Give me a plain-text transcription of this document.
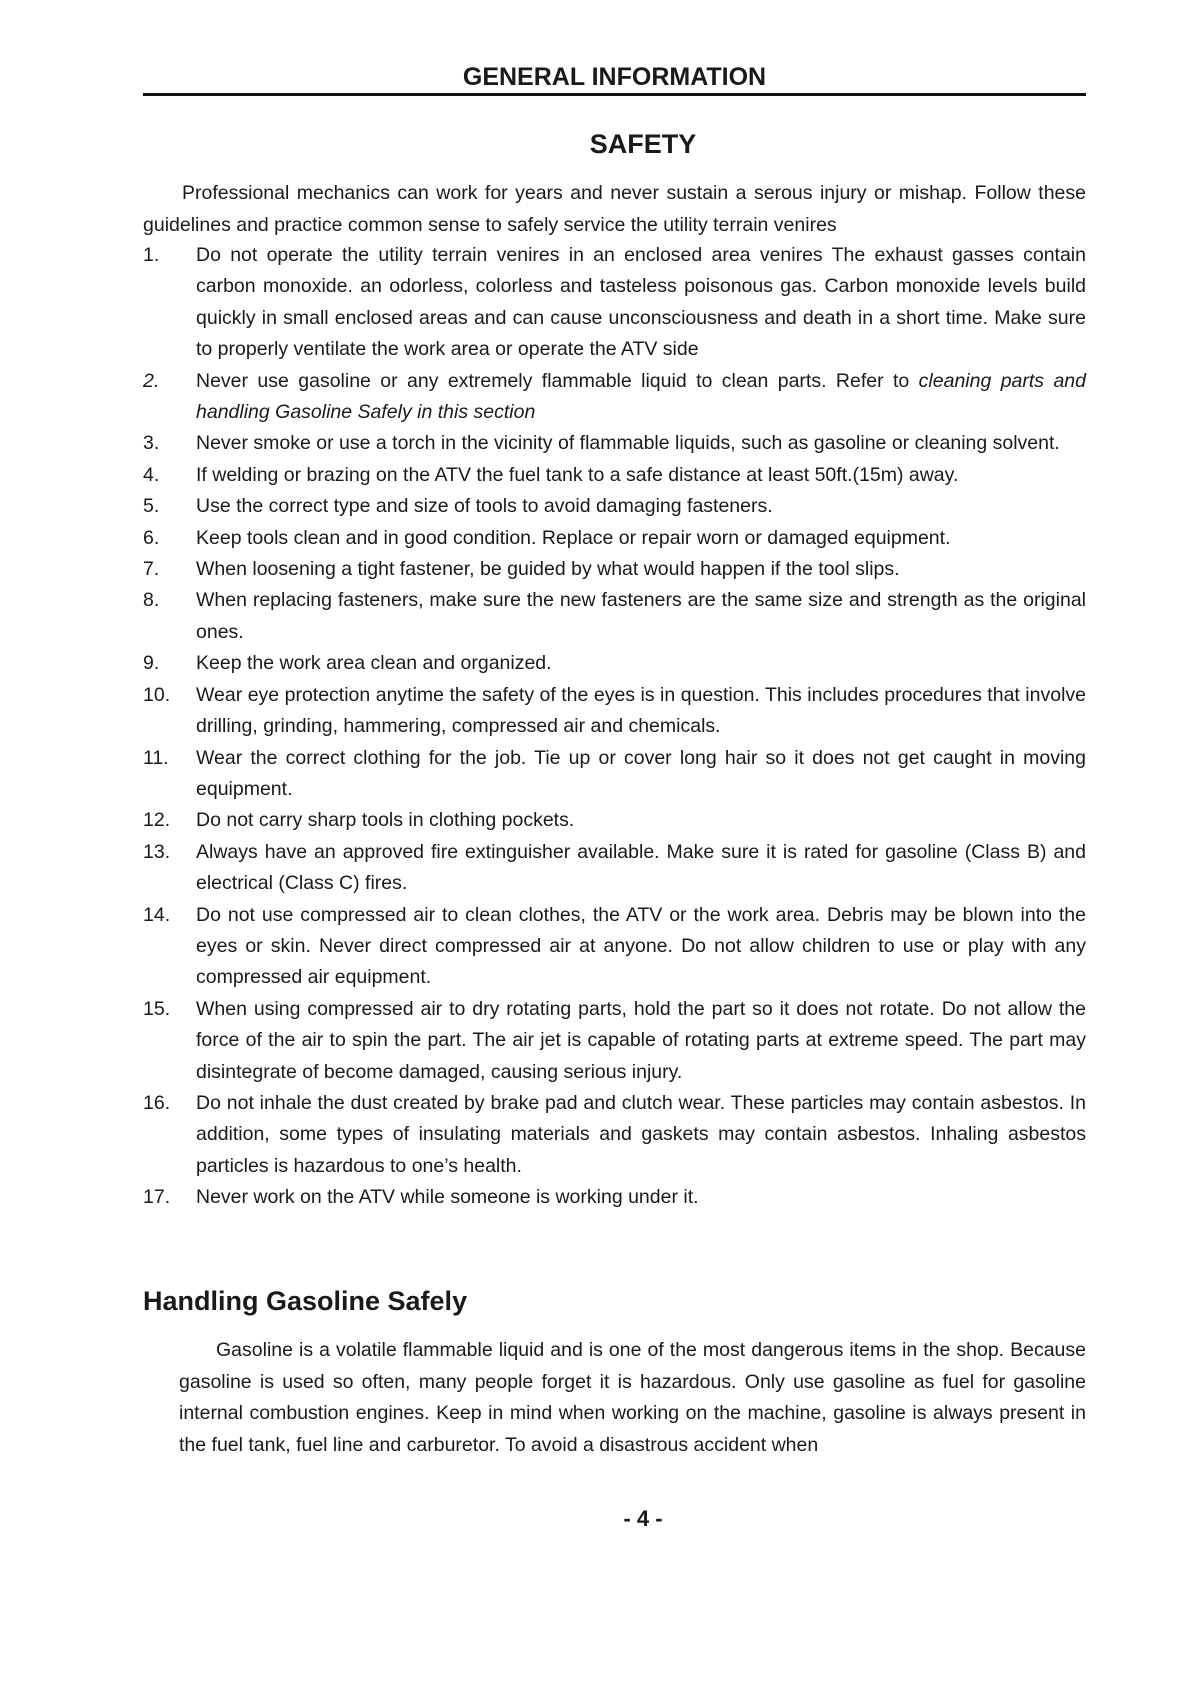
GENERAL INFORMATION
SAFETY

Professional mechanics can work for years and never sustain a serous injury or mishap. Follow these guidelines and practice common sense to safely service the utility terrain venires

1. Do not operate the utility terrain venires in an enclosed area venires The exhaust gasses contain carbon monoxide. an odorless, colorless and tasteless poisonous gas. Carbon monoxide levels build quickly in small enclosed areas and can cause unconsciousness and death in a short time. Make sure to properly ventilate the work area or operate the ATV side
2. Never use gasoline or any extremely flammable liquid to clean parts. Refer to cleaning parts and handling Gasoline Safely in this section
3. Never smoke or use a torch in the vicinity of flammable liquids, such as gasoline or cleaning solvent.
4. If welding or brazing on the ATV the fuel tank to a safe distance at least 50ft.(15m) away.
5. Use the correct type and size of tools to avoid damaging fasteners.
6. Keep tools clean and in good condition. Replace or repair worn or damaged equipment.
7. When loosening a tight fastener, be guided by what would happen if the tool slips.
8. When replacing fasteners, make sure the new fasteners are the same size and strength as the original ones.
9. Keep the work area clean and organized.
10. Wear eye protection anytime the safety of the eyes is in question. This includes procedures that involve drilling, grinding, hammering, compressed air and chemicals.
11. Wear the correct clothing for the job. Tie up or cover long hair so it does not get caught in moving equipment.
12. Do not carry sharp tools in clothing pockets.
13. Always have an approved fire extinguisher available. Make sure it is rated for gasoline (Class B) and electrical (Class C) fires.
14. Do not use compressed air to clean clothes, the ATV or the work area. Debris may be blown into the eyes or skin. Never direct compressed air at anyone. Do not allow children to use or play with any compressed air equipment.
15. When using compressed air to dry rotating parts, hold the part so it does not rotate. Do not allow the force of the air to spin the part. The air jet is capable of rotating parts at extreme speed. The part may disintegrate of become damaged, causing serious injury.
16. Do not inhale the dust created by brake pad and clutch wear. These particles may contain asbestos. In addition, some types of insulating materials and gaskets may contain asbestos. Inhaling asbestos particles is hazardous to one’s health.
17. Never work on the ATV while someone is working under it.
Handling Gasoline Safely

Gasoline is a volatile flammable liquid and is one of the most dangerous items in the shop. Because gasoline is used so often, many people forget it is hazardous. Only use gasoline as fuel for gasoline internal combustion engines. Keep in mind when working on the machine, gasoline is always present in the fuel tank, fuel line and carburetor. To avoid a disastrous accident when

- 4 -
